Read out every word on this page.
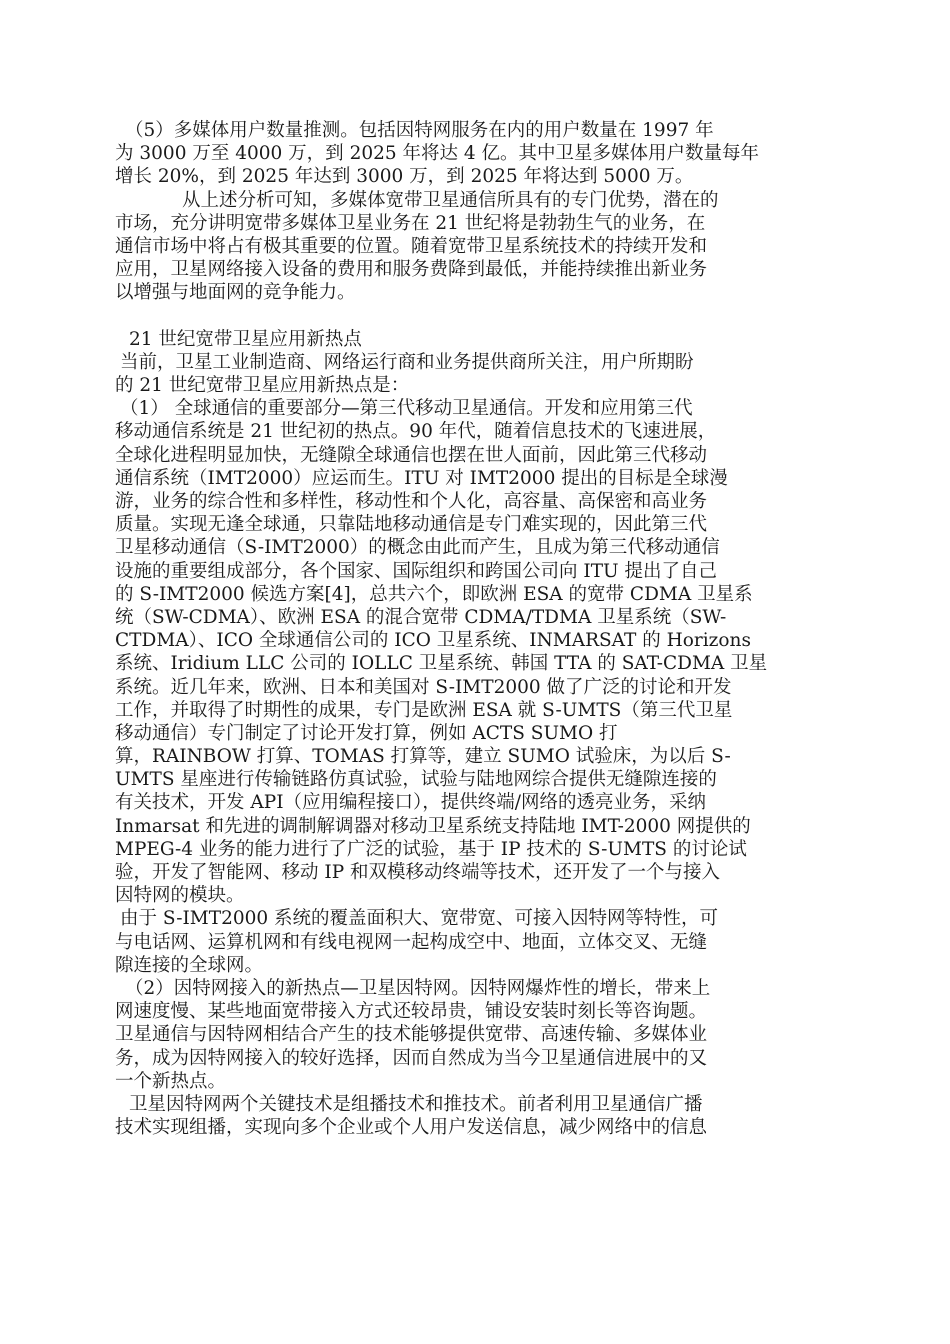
（5）多媒体用户数量推测。包括因特网服务在内的用户数量在 1997 年
为 3000 万至 4000 万，到 2025 年将达 4 亿。其中卫星多媒体用户数量每年
增长 20%，到 2025 年达到 3000 万，到 2025 年将达到 5000 万。
从上述分析可知，多媒体宽带卫星通信所具有的专门优势，潜在的
市场，充分讲明宽带多媒体卫星业务在 21 世纪将是勃勃生气的业务，在
通信市场中将占有极其重要的位置。随着宽带卫星系统技术的持续开发和
应用，卫星网络接入设备的费用和服务费降到最低，并能持续推出新业务
以增强与地面网的竞争能力。
21 世纪宽带卫星应用新热点
当前，卫星工业制造商、网络运行商和业务提供商所关注，用户所期盼
的 21 世纪宽带卫星应用新热点是：
（1） 全球通信的重要部分—第三代移动卫星通信。开发和应用第三代
移动通信系统是 21 世纪初的热点。90 年代，随着信息技术的飞速进展，
全球化进程明显加快，无缝隙全球通信也摆在世人面前，因此第三代移动
通信系统（IMT2000）应运而生。ITU 对 IMT2000 提出的目标是全球漫
游，业务的综合性和多样性，移动性和个人化，高容量、高保密和高业务
质量。实现无逢全球通，只靠陆地移动通信是专门难实现的，因此第三代
卫星移动通信（S-IMT2000）的概念由此而产生，且成为第三代移动通信
设施的重要组成部分，各个国家、国际组织和跨国公司向 ITU 提出了自己
的 S-IMT2000 候选方案[4]，总共六个，即欧洲 ESA 的宽带 CDMA 卫星系
统（SW-CDMA）、欧洲 ESA 的混合宽带 CDMA/TDMA 卫星系统（SW-
CTDMA）、ICO 全球通信公司的 ICO 卫星系统、INMARSAT 的 Horizons
系统、Iridium LLC 公司的 IOLLC 卫星系统、韩国 TTA 的 SAT-CDMA 卫星
系统。近几年来，欧洲、日本和美国对 S-IMT2000 做了广泛的讨论和开发
工作，并取得了时期性的成果，专门是欧洲 ESA 就 S-UMTS（第三代卫星
移动通信）专门制定了讨论开发打算，例如 ACTS SUMO 打
算，RAINBOW 打算、TOMAS 打算等，建立 SUMO 试验床，为以后 S-
UMTS 星座进行传输链路仿真试验，试验与陆地网综合提供无缝隙连接的
有关技术，开发 API（应用编程接口），提供终端/网络的透亮业务，采纳
Inmarsat 和先进的调制解调器对移动卫星系统支持陆地 IMT-2000 网提供的
MPEG-4 业务的能力进行了广泛的试验，基于 IP 技术的 S-UMTS 的讨论试
验，开发了智能网、移动 IP 和双模移动终端等技术，还开发了一个与接入
因特网的模块。
由于 S-IMT2000 系统的覆盖面积大、宽带宽、可接入因特网等特性，可
与电话网、运算机网和有线电视网一起构成空中、地面，立体交叉、无缝
隙连接的全球网。
（2）因特网接入的新热点—卫星因特网。因特网爆炸性的增长，带来上
网速度慢、某些地面宽带接入方式还较昂贵，铺设安装时刻长等咨询题。
卫星通信与因特网相结合产生的技术能够提供宽带、高速传输、多媒体业
务，成为因特网接入的较好选择，因而自然成为当今卫星通信进展中的又
一个新热点。
卫星因特网两个关键技术是组播技术和推技术。前者利用卫星通信广播
技术实现组播，实现向多个企业或个人用户发送信息，减少网络中的信息
